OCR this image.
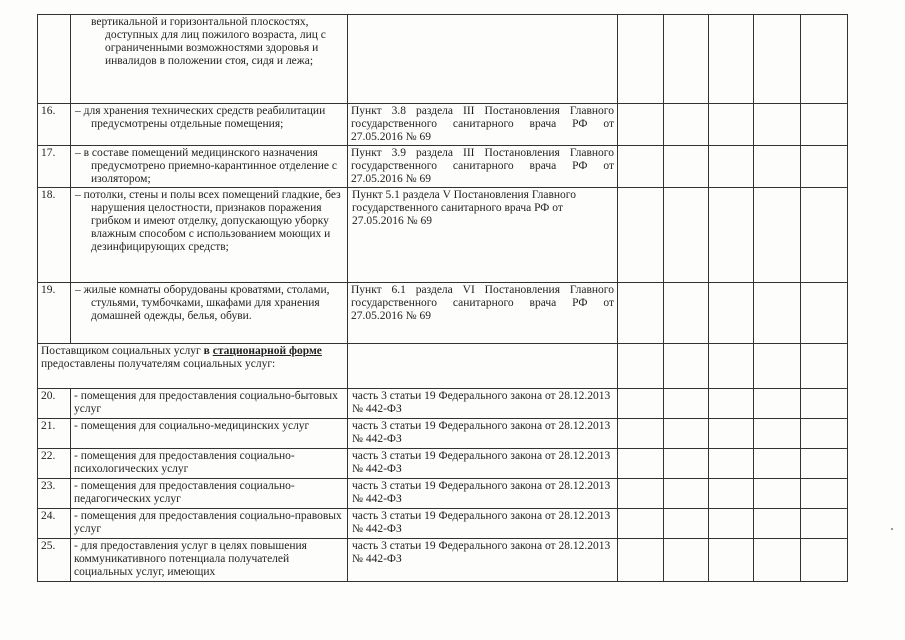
	вертикальной и горизонтальной плоскостях, доступных для лиц пожилого возраста, лиц с ограниченными возможностями здоровья и инвалидов в положении стоя, сидя и лежа;						
16.	– для хранения технических средств реабилитации предусмотрены отдельные помещения;	Пункт 3.8 раздела III Постановления Главного государственного санитарного врача РФ от 27.05.2016 № 69					
17.	– в составе помещений медицинского назначения предусмотрено приемно-карантинное отделение с изолятором;	Пункт 3.9 раздела III Постановления Главного государственного санитарного врача РФ от 27.05.2016 № 69					
18.	– потолки, стены и полы всех помещений гладкие, без нарушения целостности, признаков поражения грибком и имеют отделку, допускающую уборку влажным способом с использованием моющих и дезинфицирующих средств;	Пункт 5.1 раздела V Постановления Главного государственного санитарного врача РФ от 27.05.2016 № 69					
19.	– жилые комнаты оборудованы кроватями, столами, стульями, тумбочками, шкафами для хранения домашней одежды, белья, обуви.	Пункт 6.1 раздела VI Постановления Главного государственного санитарного врача РФ от 27.05.2016 № 69					
Поставщиком социальных услуг в стационарной форме предоставлены получателям социальных услуг:							
20.	- помещения для предоставления социально-бытовых услуг	часть 3 статьи 19 Федерального закона от 28.12.2013 № 442-ФЗ					
21.	- помещения для социально-медицинских услуг	часть 3 статьи 19 Федерального закона от 28.12.2013 № 442-ФЗ					
22.	- помещения для предоставления социально-психологических услуг	часть 3 статьи 19 Федерального закона от 28.12.2013 № 442-ФЗ					
23.	- помещения для предоставления социально-педагогических услуг	часть 3 статьи 19 Федерального закона от 28.12.2013 № 442-ФЗ					
24.	- помещения для предоставления социально-правовых услуг	часть 3 статьи 19 Федерального закона от 28.12.2013 № 442-ФЗ					
25.	- для предоставления услуг в целях повышения коммуникативного потенциала получателей социальных услуг, имеющих	часть 3 статьи 19 Федерального закона от 28.12.2013 № 442-ФЗ					
